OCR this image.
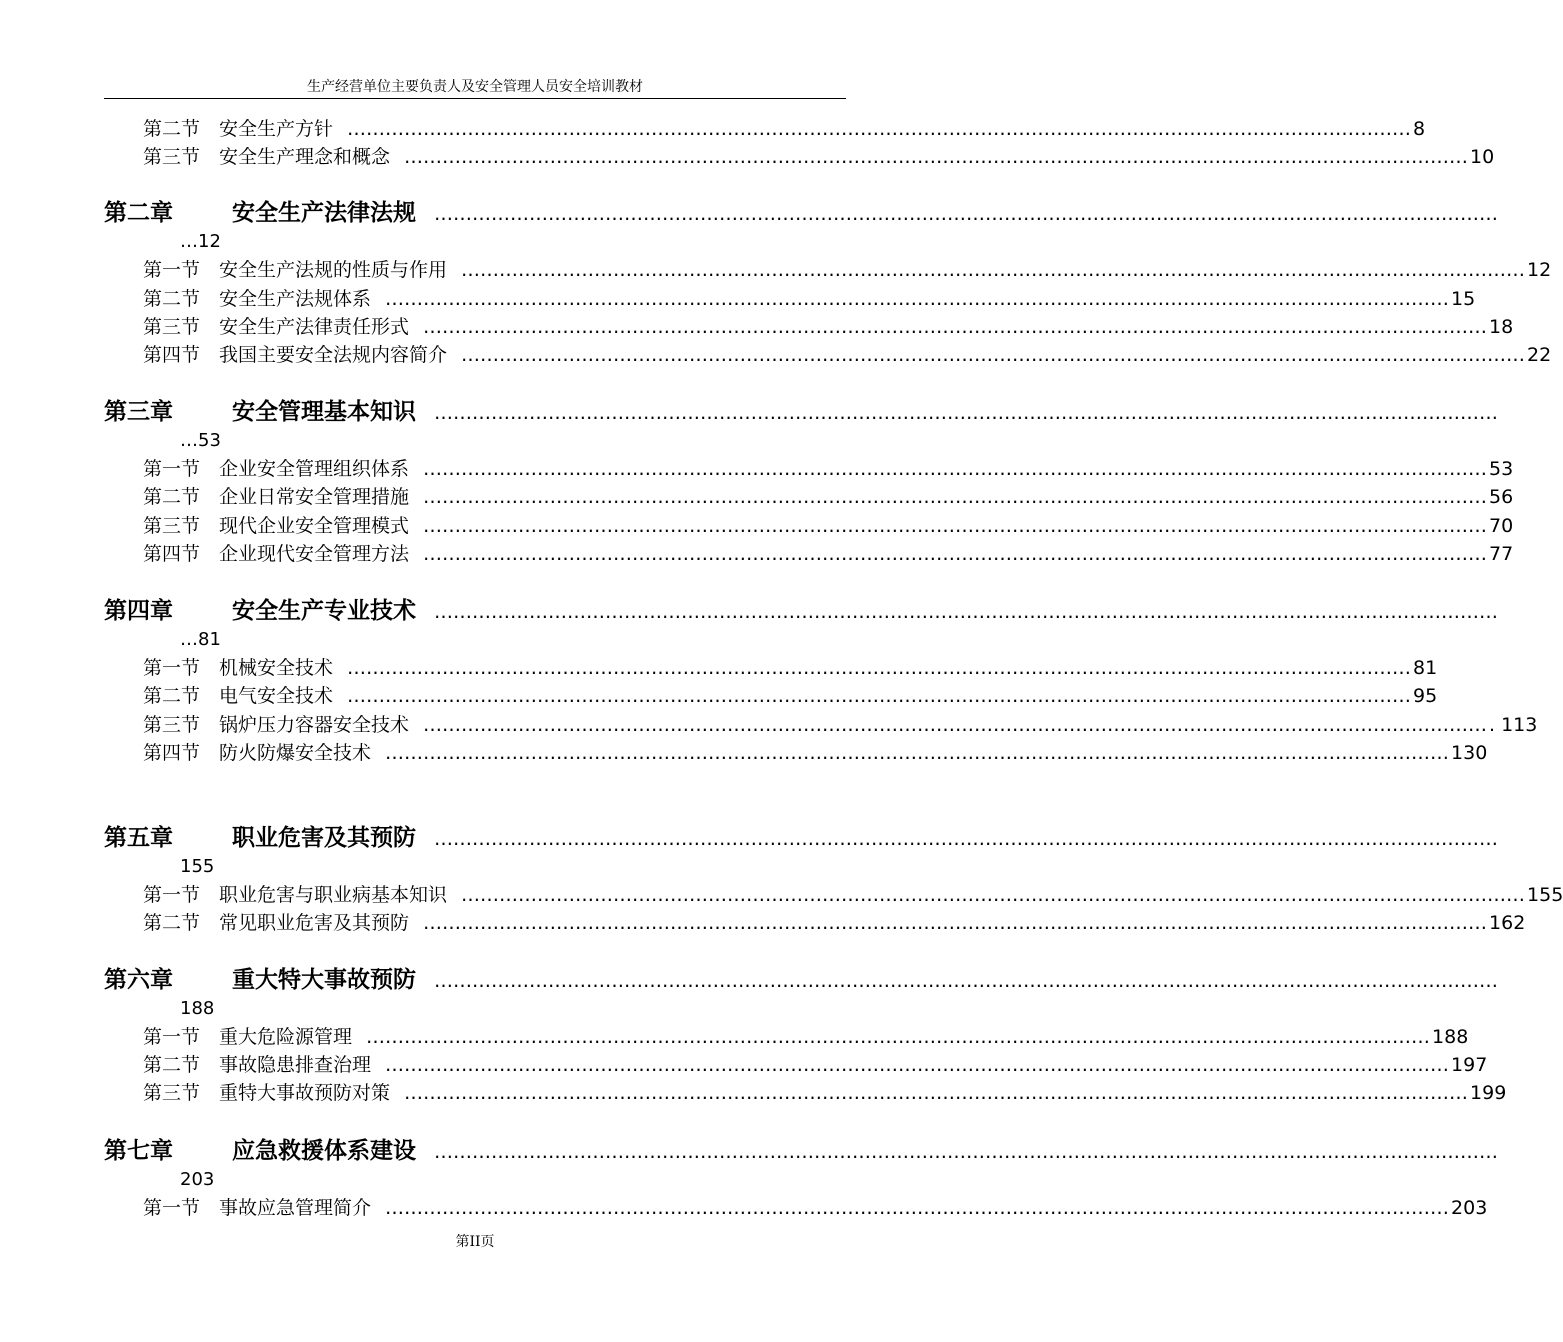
生产经营单位主要负责人及安全管理人员安全培训教材
第二节 安全生产方针 …………………………………………………………………………………………………………………………………………………… 8
第三节 安全生产理念和概念 …………………………………………………………………………………………………………………………………………………… 10
第二章	安全生产法律法规 ……………………………………………………………………………………………………………………………………………………
…12
第一节 安全生产法规的性质与作用 …………………………………………………………………………………………………………………………………………………… 12
第二节 安全生产法规体系 …………………………………………………………………………………………………………………………………………………… 15
第三节 安全生产法律责任形式 …………………………………………………………………………………………………………………………………………………… 18
第四节 我国主要安全法规内容简介 …………………………………………………………………………………………………………………………………………………… 22
第三章	安全管理基本知识 ……………………………………………………………………………………………………………………………………………………
…53
第一节 企业安全管理组织体系 …………………………………………………………………………………………………………………………………………………… 53
第二节 企业日常安全管理措施 …………………………………………………………………………………………………………………………………………………… 56
第三节 现代企业安全管理模式 …………………………………………………………………………………………………………………………………………………… 70
第四节 企业现代安全管理方法 …………………………………………………………………………………………………………………………………………………… 77
第四章	安全生产专业技术 ……………………………………………………………………………………………………………………………………………………
…81
第一节 机械安全技术 …………………………………………………………………………………………………………………………………………………… 81
第二节 电气安全技术 …………………………………………………………………………………………………………………………………………………… 95
第三节 锅炉压力容器安全技术 …………………………………………………………………………………………………………………………………………………… . 113
第四节 防火防爆安全技术 …………………………………………………………………………………………………………………………………………………… 130
第五章	职业危害及其预防 ……………………………………………………………………………………………………………………………………………………
155
第一节 职业危害与职业病基本知识 …………………………………………………………………………………………………………………………………………………… 155
第二节 常见职业危害及其预防 …………………………………………………………………………………………………………………………………………………… 162
第六章	重大特大事故预防 ……………………………………………………………………………………………………………………………………………………
188
第一节 重大危险源管理 …………………………………………………………………………………………………………………………………………………… 188
第二节 事故隐患排查治理 …………………………………………………………………………………………………………………………………………………… 197
第三节 重特大事故预防对策 …………………………………………………………………………………………………………………………………………………… 199
第七章	应急救援体系建设 ……………………………………………………………………………………………………………………………………………………
203
第一节 事故应急管理简介 …………………………………………………………………………………………………………………………………………………… 203
第II页
